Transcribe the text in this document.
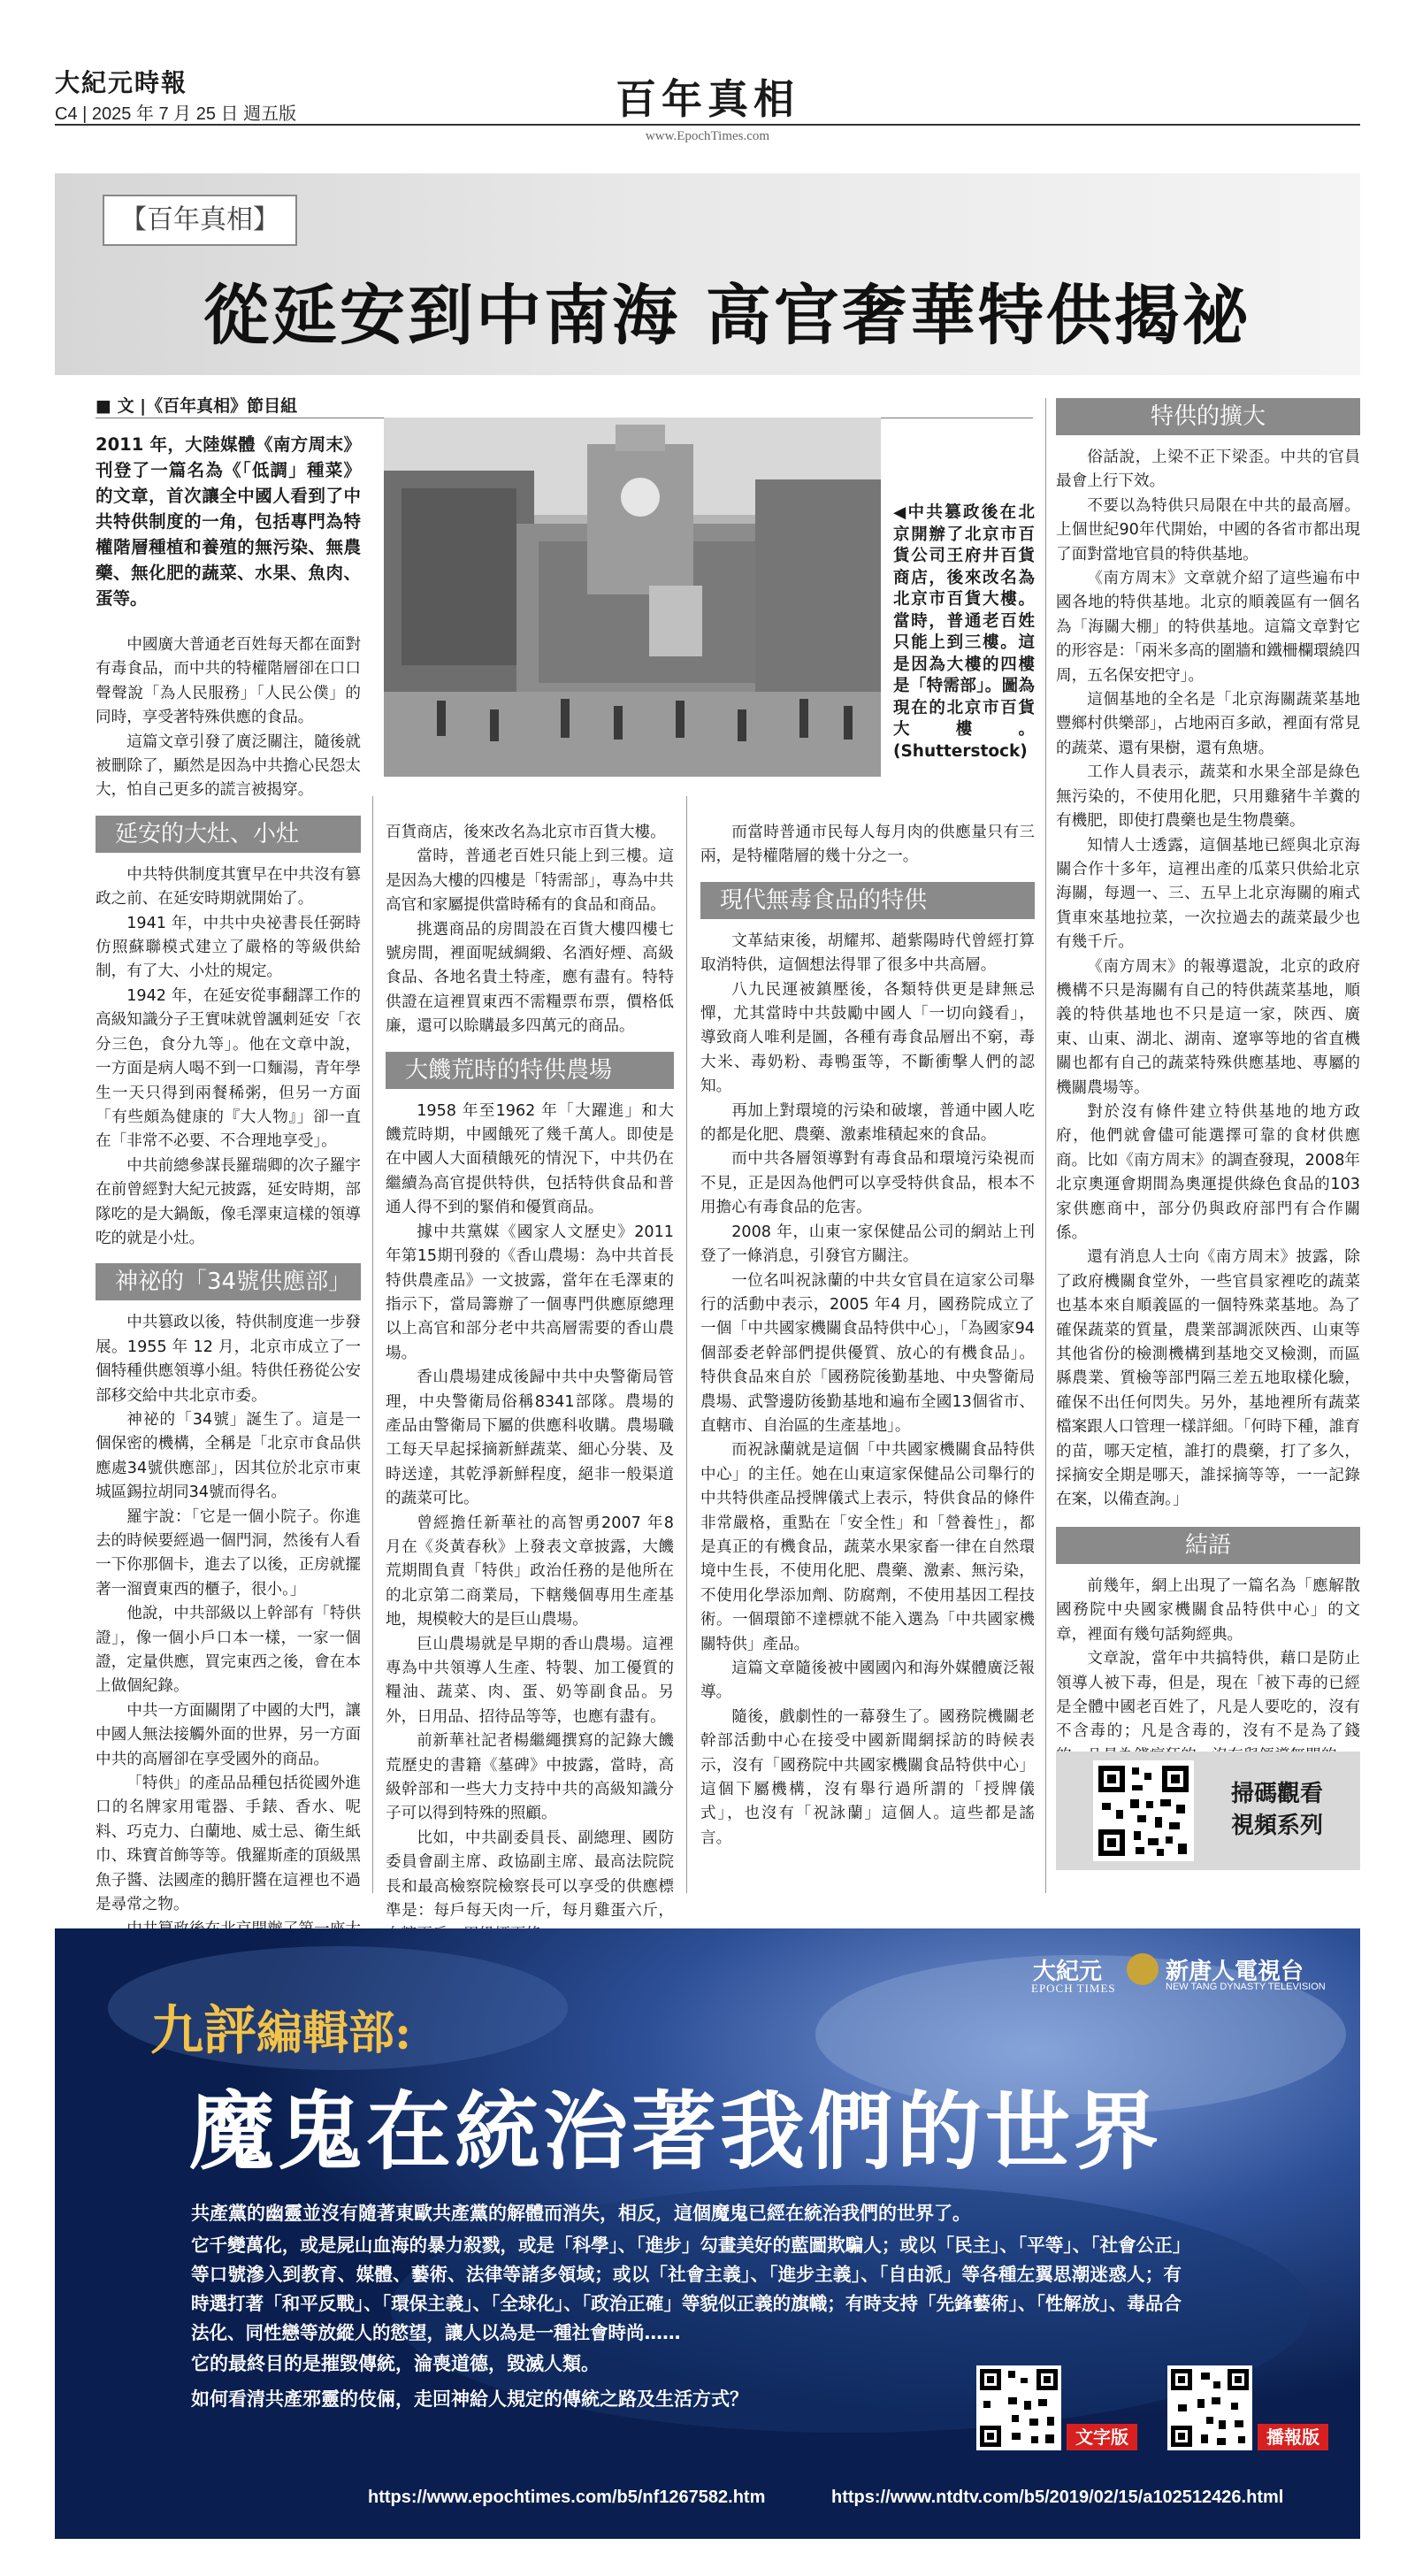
大紀元時報
C4 | 2025 年 7 月 25 日 週五版	百年真相
www.EpochTimes.com
【百年真相】
從延安到中南海 高官奢華特供揭祕
■ 文 |《百年真相》節目組
2011 年，大陸媒體《南方周末》刊登了一篇名為《「低調」種菜》的文章，首次讓全中國人看到了中共特供制度的一角，包括專門為特權階層種植和養殖的無污染、無農藥、無化肥的蔬菜、水果、魚肉、蛋等。
◀中共篡政後在北京開辦了北京市百貨公司王府井百貨商店，後來改名為北京市百貨大樓。當時，普通老百姓只能上到三樓。這是因為大樓的四樓是「特需部」。圖為現在的北京市百貨大樓。(Shutterstock)

中國廣大普通老百姓每天都在面對有毒食品，而中共的特權階層卻在口口聲聲說「為人民服務」「人民公僕」的同時，享受著特殊供應的食品。

這篇文章引發了廣泛關注，隨後就被刪除了，顯然是因為中共擔心民怨太大，怕自己更多的謊言被揭穿。

延安的大灶、小灶

中共特供制度其實早在中共沒有篡政之前、在延安時期就開始了。

1941 年，中共中央祕書長任弼時仿照蘇聯模式建立了嚴格的等級供給制，有了大、小灶的規定。

1942 年，在延安從事翻譯工作的高級知識分子王實味就曾諷刺延安「衣分三色，食分九等」。他在文章中說，一方面是病人喝不到一口麵湯，青年學生一天只得到兩餐稀粥，但另一方面「有些頗為健康的『大人物』」卻一直在「非常不必要、不合理地享受」。

中共前總參謀長羅瑞卿的次子羅宇在前曾經對大紀元披露，延安時期，部隊吃的是大鍋飯，像毛澤東這樣的領導吃的就是小灶。

神祕的「34號供應部」

中共篡政以後，特供制度進一步發展。1955 年 12 月，北京市成立了一個特種供應領導小組。特供任務從公安部移交給中共北京市委。

神祕的「34號」誕生了。這是一個保密的機構，全稱是「北京市食品供應處34號供應部」，因其位於北京市東城區錫拉胡同34號而得名。

羅宇說：「它是一個小院子。你進去的時候要經過一個門洞，然後有人看一下你那個卡，進去了以後，正房就擺著一溜賣東西的櫃子，很小。」

他說，中共部級以上幹部有「特供證」，像一個小戶口本一樣，一家一個證，定量供應，買完東西之後，會在本上做個紀錄。

中共一方面關閉了中國的大門，讓中國人無法接觸外面的世界，另一方面中共的高層卻在享受國外的商品。

「特供」的產品品種包括從國外進口的名牌家用電器、手錶、香水、呢料、巧克力、白蘭地、威士忌、衛生紙巾、珠寶首飾等等。俄羅斯產的頂級黑魚子醬、法國產的鵝肝醬在這裡也不過是尋常之物。

百貨商店，後來改名為北京市百貨大樓。

當時，普通老百姓只能上到三樓。這是因為大樓的四樓是「特需部」，專為中共高官和家屬提供當時稀有的食品和商品。

挑選商品的房間設在百貨大樓四樓七號房間，裡面呢絨綢緞、名酒好煙、高級食品、各地名貴土特產，應有盡有。特特供證在這裡買東西不需糧票布票，價格低廉，還可以賒購最多四萬元的商品。

大饑荒時的特供農場

1958 年至1962 年「大躍進」和大饑荒時期，中國餓死了幾千萬人。即使是在中國人大面積餓死的情況下，中共仍在繼續為高官提供特供，包括特供食品和普通人得不到的緊俏和優質商品。

據中共黨媒《國家人文歷史》2011 年第15期刊發的《香山農場：為中共首長特供農產品》一文披露，當年在毛澤東的指示下，當局籌辦了一個專門供應原總理以上高官和部分老中共高層需要的香山農場。

香山農場建成後歸中共中央警衛局管理，中央警衛局俗稱8341部隊。農場的產品由警衛局下屬的供應科收購。農場職工每天早起採摘新鮮蔬菜、細心分裝、及時送達，其乾淨新鮮程度，絕非一般渠道的蔬菜可比。

曾經擔任新華社的高智勇2007 年8 月在《炎黃春秋》上發表文章披露，大饑荒期間負責「特供」政治任務的是他所在的北京第二商業局，下轄幾個專用生產基地，規模較大的是巨山農場。

巨山農場就是早期的香山農場。這裡專為中共領導人生產、特製、加工優質的糧油、蔬菜、肉、蛋、奶等副食品。另外，日用品、招待品等等，也應有盡有。

前新華社記者楊繼繩撰寫的記錄大饑荒歷史的書籍《墓碑》中披露，當時，高級幹部和一些大力支持中共的高級知識分子可以得到特殊的照顧。

比如，中共副委員長、副總理、國防委員會副主席、政協副主席、最高法院院長和最高檢察院檢察長可以享受的供應標準是：每戶每天肉一斤，每月雞蛋六斤，

而當時普通市民每人每月肉的供應量只有三兩，是特權階層的幾十分之一。

現代無毒食品的特供

文革結束後，胡耀邦、趙紫陽時代曾經打算取消特供，這個想法得罪了很多中共高層。

八九民運被鎮壓後，各類特供更是肆無忌憚，尤其當時中共鼓勵中國人「一切向錢看」，導致商人唯利是圖，各種有毒食品層出不窮，毒大米、毒奶粉、毒鴨蛋等，不斷衝擊人們的認知。

再加上對環境的污染和破壞，普通中國人吃的都是化肥、農藥、激素堆積起來的食品。

而中共各層領導對有毒食品和環境污染視而不見，正是因為他們可以享受特供食品，根本不用擔心有毒食品的危害。

2008 年，山東一家保健品公司的網站上刊登了一條消息，引發官方關注。

一位名叫祝詠蘭的中共女官員在這家公司舉行的活動中表示，2005 年4 月，國務院成立了一個「中共國家機關食品特供中心」，「為國家94個部委老幹部們提供優質、放心的有機食品」。特供食品來自於「國務院後勤基地、中央警衛局農場、武警邊防後勤基地和遍布全國13個省市、直轄市、自治區的生產基地」。

而祝詠蘭就是這個「中共國家機關食品特供中心」的主任。她在山東這家保健品公司舉行的中共特供產品授牌儀式上表示，特供食品的條件非常嚴格，重點在「安全性」和「營養性」，都是真正的有機食品，蔬菜水果家畜一律在自然環境中生長，不使用化肥、農藥、激素、無污染，不使用化學添加劑、防腐劑，不使用基因工程技術。一個環節不達標就不能入選為「中共國家機關特供」產品。

這篇文章隨後被中國國內和海外媒體廣泛報導。

隨後，戲劇性的一幕發生了。國務院機關老幹部活動中心在接受中國新聞網採訪的時候表示，沒有「國務院中共國家機關食品特供中心」這個下屬機構，沒有舉行過所謂的「授牌儀式」，也沒有「祝詠蘭」這個人。這些都是謠言。

特供的擴大

俗話說，上梁不正下梁歪。中共的官員最會上行下效。

不要以為特供只局限在中共的最高層。上個世紀90年代開始，中國的各省市都出現了面對當地官員的特供基地。

《南方周末》文章就介紹了這些遍布中國各地的特供基地。北京的順義區有一個名為「海關大棚」的特供基地。這篇文章對它的形容是：「兩米多高的圍牆和鐵柵欄環繞四周，五名保安把守」。

這個基地的全名是「北京海關蔬菜基地豐鄉村供樂部」，占地兩百多畝，裡面有常見的蔬菜、還有果樹，還有魚塘。

工作人員表示，蔬菜和水果全部是綠色無污染的，不使用化肥，只用雞豬牛羊糞的有機肥，即使打農藥也是生物農藥。

知情人士透露，這個基地已經與北京海關合作十多年，這裡出產的瓜菜只供給北京海關，每週一、三、五早上北京海關的廂式貨車來基地拉菜，一次拉過去的蔬菜最少也有幾千斤。

《南方周末》的報導還說，北京的政府機構不只是海關有自己的特供蔬菜基地，順義的特供基地也不只是這一家，陝西、廣東、山東、湖北、湖南、遼寧等地的省直機關也都有自己的蔬菜特殊供應基地、專屬的機關農場等。

對於沒有條件建立特供基地的地方政府，他們就會儘可能選擇可靠的食材供應商。比如《南方周末》的調查發現，2008年北京奧運會期間為奧運提供綠色食品的103家供應商中，部分仍與政府部門有合作關係。

還有消息人士向《南方周末》披露，除了政府機關食堂外，一些官員家裡吃的蔬菜也基本來自順義區的一個特殊菜基地。為了確保蔬菜的質量，農業部調派陝西、山東等其他省份的檢測機構到基地交叉檢測，而區縣農業、質檢等部門隔三差五地取樣化驗，確保不出任何閃失。另外，基地裡所有蔬菜檔案跟人口管理一樣詳細。「何時下種，誰育的苗，哪天定植，誰打的農藥，打了多久，採摘安全期是哪天，誰採摘等等，一一記錄在案，以備查詢。」

結語

前幾年，網上出現了一篇名為「應解散國務院中央國家機關食品特供中心」的文章，裡面有幾句話夠經典。

文章說，當年中共搞特供，藉口是防止領導人被下毒，但是，現在「被下毒的已經是全體中國老百姓了，凡是人要吃的，沒有不含毒的；凡是含毒的，沒有不是為了錢

掃碼觀看
視頻系列
大紀元
EPOCH TIMES
新唐人電視台
NEW TANG DYNASTY TELEVISION
九評編輯部:
魔鬼在統治著我們的世界
共產黨的幽靈並沒有隨著東歐共產黨的解體而消失，相反，這個魔鬼已經在統治我們的世界了。
它千變萬化，或是屍山血海的暴力殺戮，或是「科學」、「進步」勾畫美好的藍圖欺騙人；或以「民主」、「平等」、「社會公正」等口號滲入到教育、媒體、藝術、法律等諸多領域；或以「社會主義」、「進步主義」、「自由派」等各種左翼思潮迷惑人；有時選打著「和平反戰」、「環保主義」、「全球化」、「政治正確」等貌似正義的旗幟；有時支持「先鋒藝術」、「性解放」、毒品合法化、同性戀等放縱人的慾望，讓人以為是一種社會時尚……
它的最終目的是摧毀傳統，淪喪道德，毀滅人類。
如何看清共產邪靈的伎倆，走回神給人規定的傳統之路及生活方式？
文字版	播報版
https://www.epochtimes.com/b5/nf1267582.htm	https://www.ntdtv.com/b5/2019/02/15/a102512426.html
